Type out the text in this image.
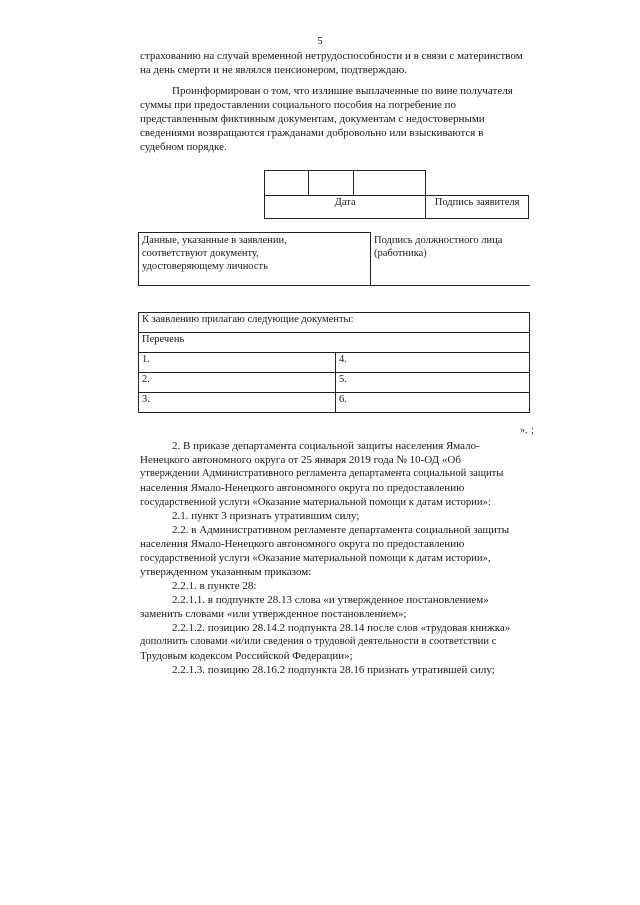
5
страхованию на случай временной нетрудоспособности и в связи с материнством
на день смерти и не являлся пенсионером, подтверждаю.
Проинформирован о том, что излишне выплаченные по вине получателя
суммы при предоставлении социального пособия на погребение по
представленным фиктивным документам, документам с недостоверными
сведениями возвращаются гражданами добровольно или взыскиваются в
судебном порядке.

Дата			Подпись заявителя
Данные, указанные в заявлении,
соответствуют документу,
удостоверяющему личность

Подпись должностного лица
(работника)
К заявлению прилагаю следующие документы:	
Перечень	
1.	4.
2.	5.
3.	6.
». ;
2. В приказе департамента социальной защиты населения Ямало-
Ненецкого автономного округа от 25 января 2019 года № 10-ОД «Об
утверждении Административного регламента департамента социальной защиты
населения Ямало-Ненецкого автономного округа по предоставлению
государственной услуги «Оказание материальной помощи к датам истории»:
2.1. пункт 3 признать утратившим силу;
2.2. в Административном регламенте департамента социальной защиты
населения Ямало-Ненецкого автономного округа по предоставлению
государственной услуги «Оказание материальной помощи к датам истории»,
утвержденном указанным приказом:
2.2.1. в пункте 28:
2.2.1.1. в подпункте 28.13 слова «и утвержденное постановлением»
заменить словами «или утвержденное постановлением»;
2.2.1.2. позицию 28.14.2 подпункта 28.14 после слов «трудовая книжка»
дополнить словами «и/или сведения о трудовой деятельности в соответствии с
Трудовым кодексом Российской Федерации»;
2.2.1.3. позицию 28.16.2 подпункта 28.16 признать утратившей силу;
